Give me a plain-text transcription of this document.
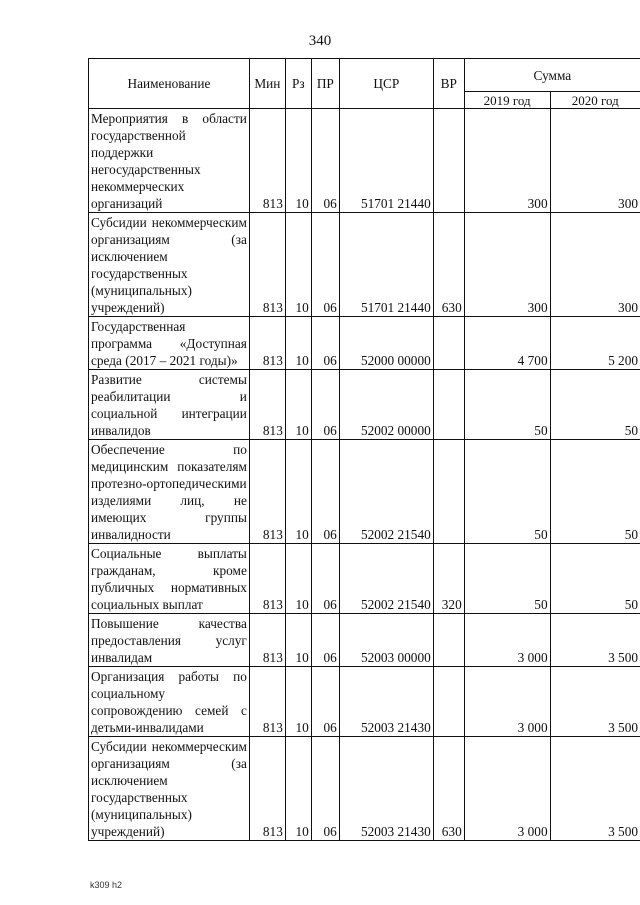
340
Наименование	Мин	Рз	ПР	ЦСР	ВР	Сумма	
						2019 год	2020 год
Мероприятия в области государственной поддержки негосударственных некоммерческих организаций	813	10	06	51701 21440		300	300
Субсидии некоммерческим организациям (за исключением государственных (муниципальных) учреждений)	813	10	06	51701 21440	630	300	300
Государственная программа «Доступная среда (2017 – 2021 годы)»	813	10	06	52000 00000		4 700	5 200
Развитие системы реабилитации и социальной интеграции инвалидов	813	10	06	52002 00000		50	50
Обеспечение по медицинским показателям протезно-ортопедическими изделиями лиц, не имеющих группы инвалидности	813	10	06	52002 21540		50	50
Социальные выплаты гражданам, кроме публичных нормативных социальных выплат	813	10	06	52002 21540	320	50	50
Повышение качества предоставления услуг инвалидам	813	10	06	52003 00000		3 000	3 500
Организация работы по социальному сопровождению семей с детьми-инвалидами	813	10	06	52003 21430		3 000	3 500
Субсидии некоммерческим организациям (за исключением государственных (муниципальных) учреждений)	813	10	06	52003 21430	630	3 000	3 500
k309 h2
